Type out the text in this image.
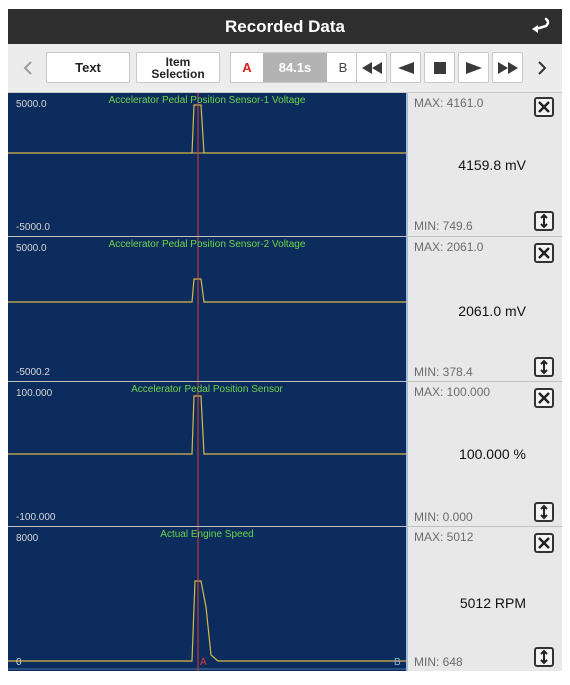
Recorded Data
Text	Item
Selection	A	84.1s	B
Accelerator Pedal Position Sensor-1 Voltage
5000.0
-5000.0
MAX: 4161.0
4159.8 mV
MIN: 749.6
Accelerator Pedal Position Sensor-2 Voltage
5000.0
-5000.2
MAX: 2061.0
2061.0 mV
MIN: 378.4
Accelerator Pedal Position Sensor
100.000
-100.000
MAX: 100.000
100.000 %
MIN: 0.000
Actual Engine Speed
8000
0	A	B
MAX: 5012
5012 RPM
MIN: 648
